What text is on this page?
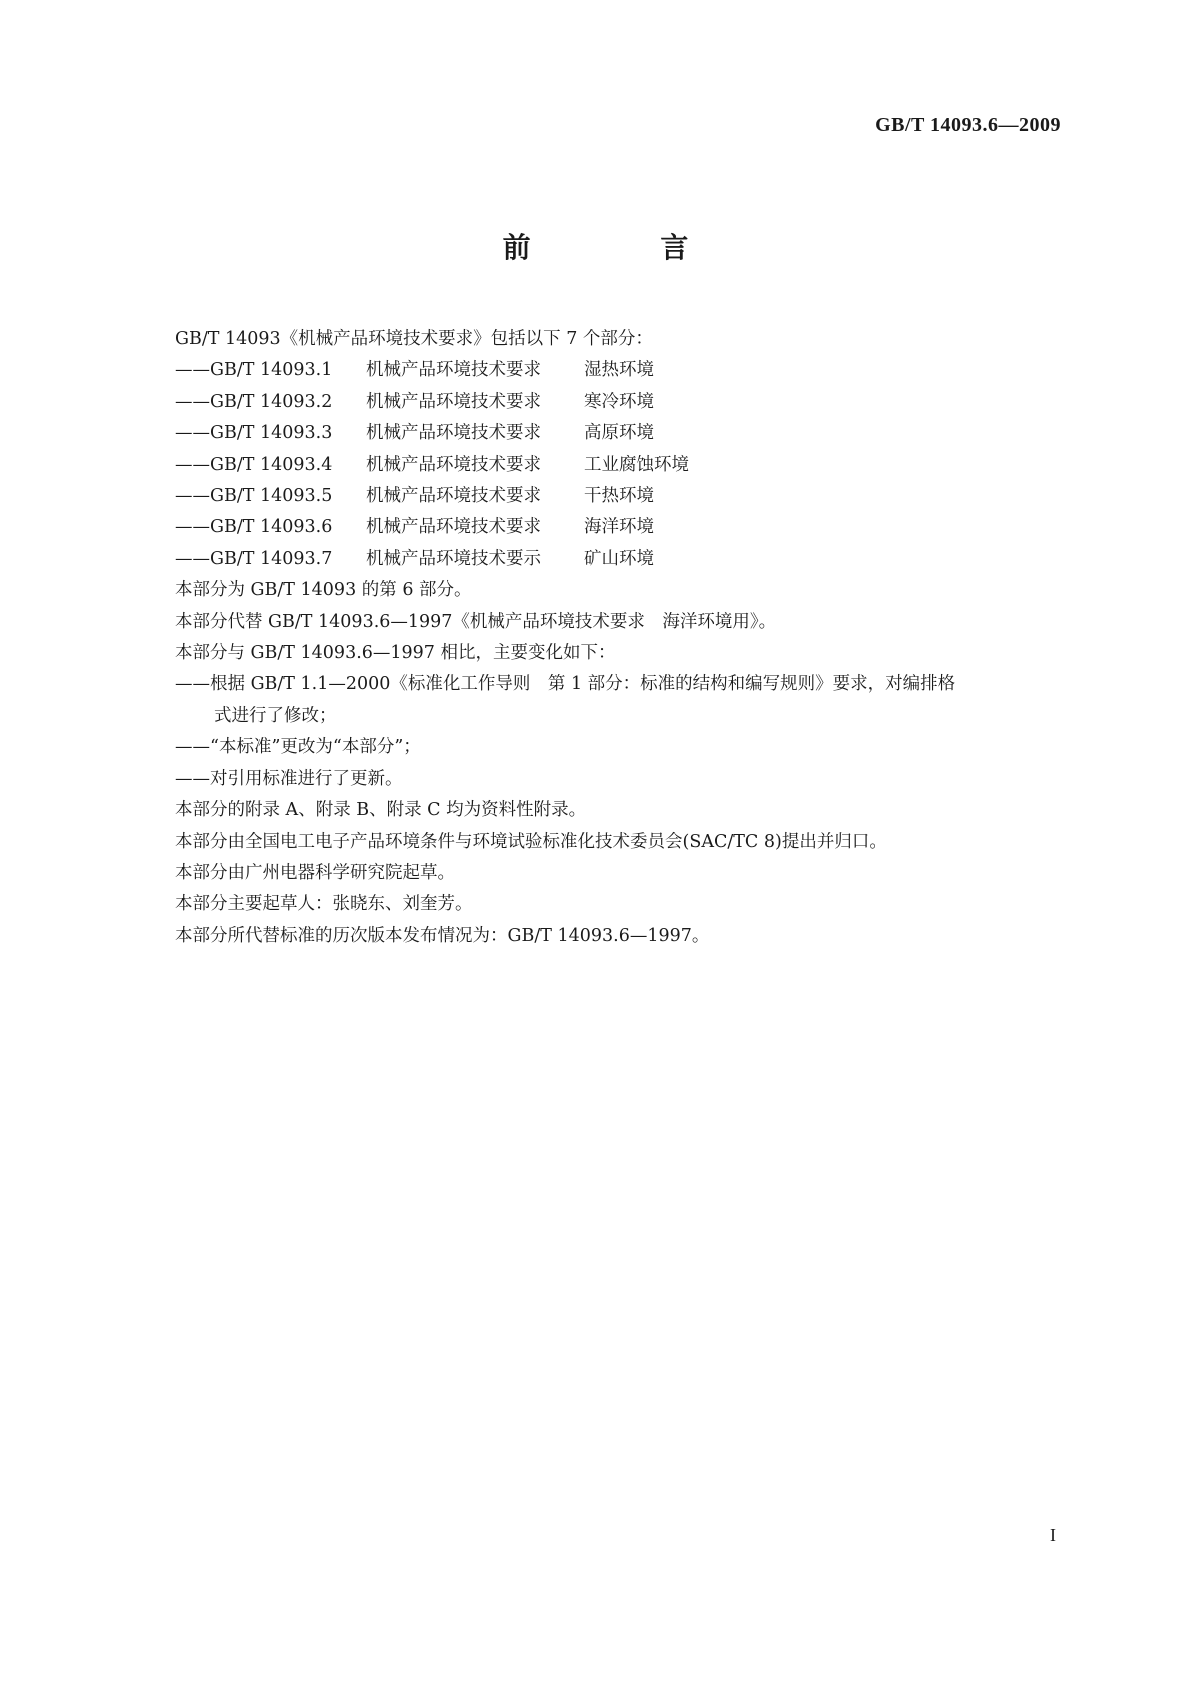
GB/T 14093.6—2009
前 言

GB/T 14093《机械产品环境技术要求》包括以下 7 个部分：

—— GB/T 14093.1	机械产品环境技术要求	湿热环境
—— GB/T 14093.2	机械产品环境技术要求	寒冷环境
—— GB/T 14093.3	机械产品环境技术要求	高原环境
—— GB/T 14093.4	机械产品环境技术要求	工业腐蚀环境
—— GB/T 14093.5	机械产品环境技术要求	干热环境
—— GB/T 14093.6	机械产品环境技术要求	海洋环境
—— GB/T 14093.7	机械产品环境技术要示	矿山环境

本部分为 GB/T 14093 的第 6 部分。

本部分代替 GB/T 14093.6—1997《机械产品环境技术要求　海洋环境用》。

本部分与 GB/T 14093.6—1997 相比，主要变化如下：

——根据 GB/T 1.1—2000《标准化工作导则　第 1 部分：标准的结构和编写规则》要求，对编排格
式进行了修改；
—— “本标准”更改为“本部分”；
—— 对引用标准进行了更新。

本部分的附录 A、附录 B、附录 C 均为资料性附录。

本部分由全国电工电子产品环境条件与环境试验标准化技术委员会(SAC/TC 8)提出并归口。

本部分由广州电器科学研究院起草。

本部分主要起草人：张晓东、刘奎芳。

本部分所代替标准的历次版本发布情况为：GB/T 14093.6—1997。

I
